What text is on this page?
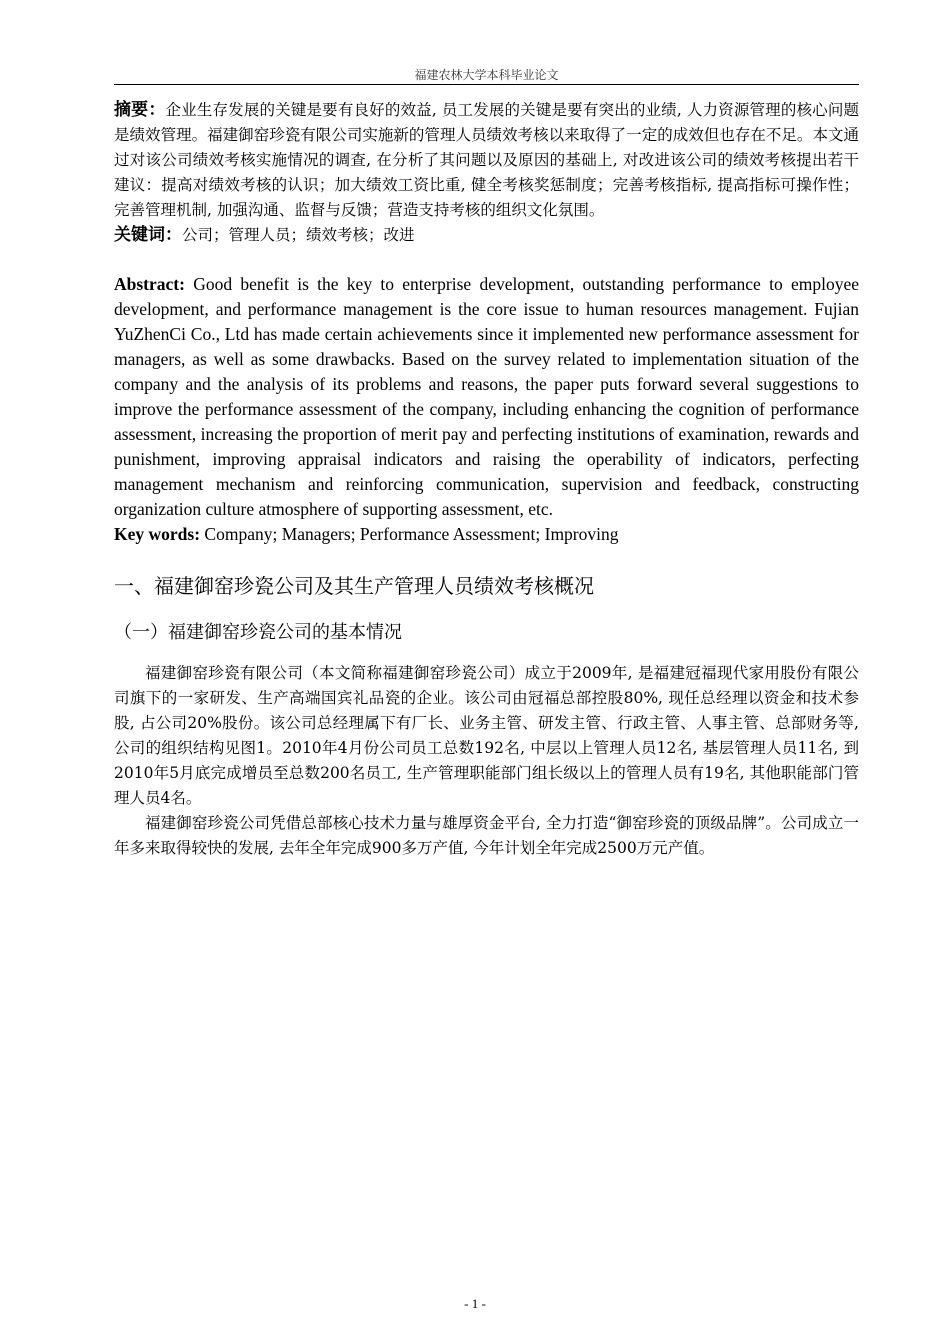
福建农林大学本科毕业论文

摘要：企业生存发展的关键是要有良好的效益, 员工发展的关键是要有突出的业绩, 人力资源管理的核心问题是绩效管理。福建御窑珍瓷有限公司实施新的管理人员绩效考核以来取得了一定的成效但也存在不足。本文通过对该公司绩效考核实施情况的调查, 在分析了其问题以及原因的基础上, 对改进该公司的绩效考核提出若干建议：提高对绩效考核的认识；加大绩效工资比重, 健全考核奖惩制度；完善考核指标, 提高指标可操作性；完善管理机制, 加强沟通、监督与反馈；营造支持考核的组织文化氛围。

关键词：公司；管理人员；绩效考核；改进

Abstract: Good benefit is the key to enterprise development, outstanding performance to employee development, and performance management is the core issue to human resources management. Fujian YuZhenCi Co., Ltd has made certain achievements since it implemented new performance assessment for managers, as well as some drawbacks. Based on the survey related to implementation situation of the company and the analysis of its problems and reasons, the paper puts forward several suggestions to improve the performance assessment of the company, including enhancing the cognition of performance assessment, increasing the proportion of merit pay and perfecting institutions of examination, rewards and punishment, improving appraisal indicators and raising the operability of indicators, perfecting management mechanism and reinforcing communication, supervision and feedback, constructing organization culture atmosphere of supporting assessment, etc.

Key words: Company; Managers; Performance Assessment; Improving

一、福建御窑珍瓷公司及其生产管理人员绩效考核概况
（一）福建御窑珍瓷公司的基本情况

福建御窑珍瓷有限公司（本文简称福建御窑珍瓷公司）成立于2009年, 是福建冠福现代家用股份有限公司旗下的一家研发、生产高端国宾礼品瓷的企业。该公司由冠福总部控股80%, 现任总经理以资金和技术参股, 占公司20%股份。该公司总经理属下有厂长、业务主管、研发主管、行政主管、人事主管、总部财务等, 公司的组织结构见图1。2010年4月份公司员工总数192名, 中层以上管理人员12名, 基层管理人员11名, 到2010年5月底完成增员至总数200名员工, 生产管理职能部门组长级以上的管理人员有19名, 其他职能部门管理人员4名。

福建御窑珍瓷公司凭借总部核心技术力量与雄厚资金平台, 全力打造“御窑珍瓷的顶级品牌”。公司成立一年多来取得较快的发展, 去年全年完成900多万产值, 今年计划全年完成2500万元产值。

- 1 -
